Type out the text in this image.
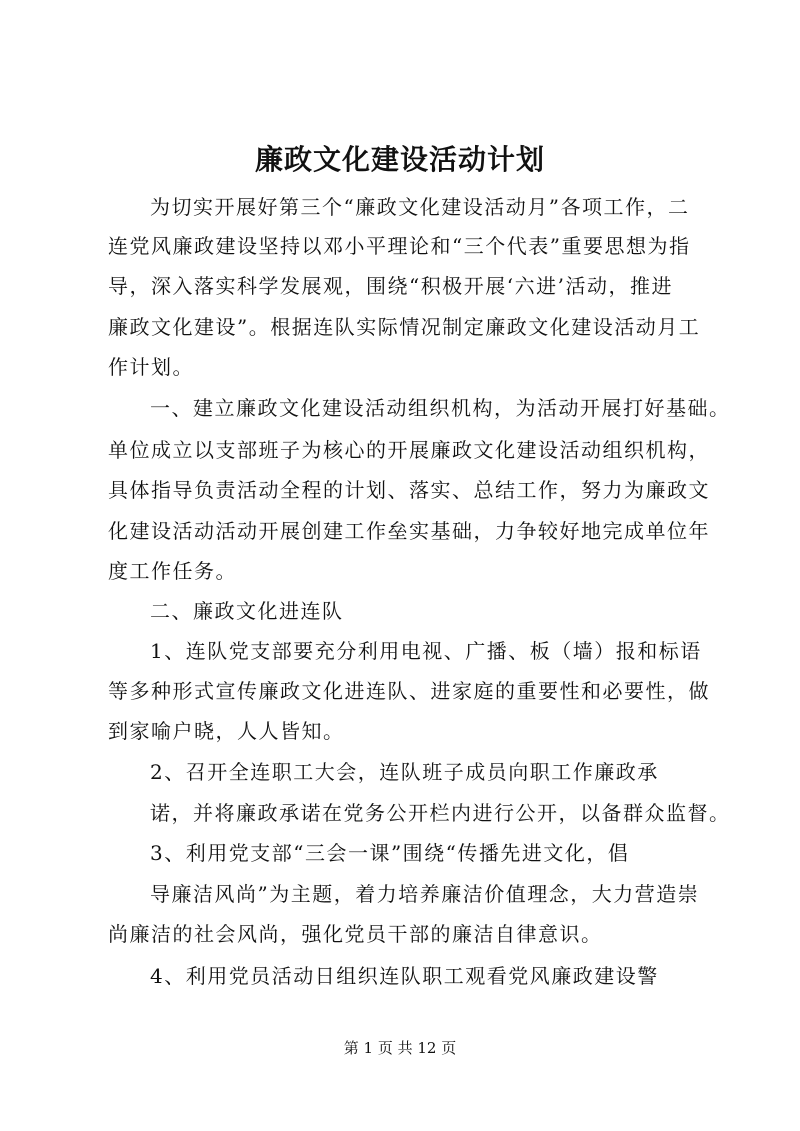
廉政文化建设活动计划
为切实开展好第三个“廉政文化建设活动月”各项工作，二
连党风廉政建设坚持以邓小平理论和“三个代表”重要思想为指
导，深入落实科学发展观，围绕“积极开展‘六进’活动，推进
廉政文化建设”。根据连队实际情况制定廉政文化建设活动月工
作计划。
一、建立廉政文化建设活动组织机构，为活动开展打好基础。
单位成立以支部班子为核心的开展廉政文化建设活动组织机构，
具体指导负责活动全程的计划、落实、总结工作，努力为廉政文
化建设活动活动开展创建工作垒实基础，力争较好地完成单位年
度工作任务。
二、廉政文化进连队
1、连队党支部要充分利用电视、广播、板（墙）报和标语
等多种形式宣传廉政文化进连队、进家庭的重要性和必要性，做
到家喻户晓，人人皆知。
2、召开全连职工大会，连队班子成员向职工作廉政承
诺，并将廉政承诺在党务公开栏内进行公开，以备群众监督。
3、利用党支部“三会一课”围绕“传播先进文化，倡
导廉洁风尚”为主题，着力培养廉洁价值理念，大力营造崇
尚廉洁的社会风尚，强化党员干部的廉洁自律意识。
4、利用党员活动日组织连队职工观看党风廉政建设警
第 1 页 共 12 页
